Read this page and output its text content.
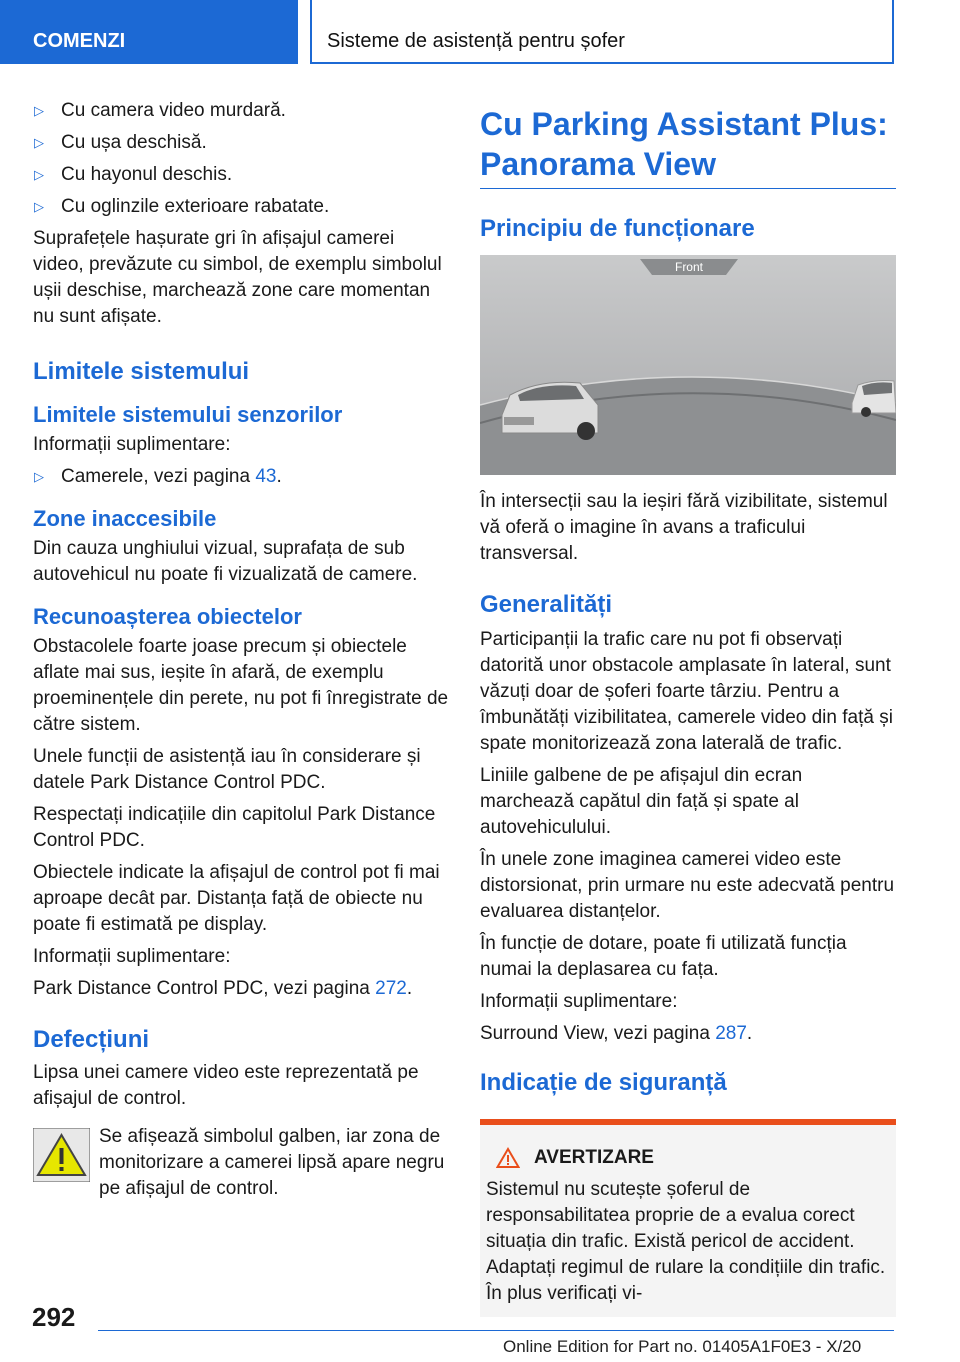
COMENZI	Sisteme de asistență pentru șofer
▷ Cu camera video murdară.
▷ Cu ușa deschisă.
▷ Cu hayonul deschis.
▷ Cu oglinzile exterioare rabatate.

Suprafețele hașurate gri în afișajul camerei video, prevăzute cu simbol, de exemplu simbolul ușii deschise, marchează zone care momentan nu sunt afișate.

Limitele sistemului
Limitele sistemului senzorilor

Informații suplimentare:

▷ Camerele, vezi pagina 43.
Zone inaccesibile

Din cauza unghiului vizual, suprafața de sub autovehicul nu poate fi vizualizată de camere.

Recunoașterea obiectelor

Obstacolele foarte joase precum și obiectele aflate mai sus, ieșite în afară, de exemplu proeminențele din perete, nu pot fi înregistrate de către sistem.

Unele funcții de asistență iau în considerare și datele Park Distance Control PDC.

Respectați indicațiile din capitolul Park Distance Control PDC.

Obiectele indicate la afișajul de control pot fi mai aproape decât par. Distanța față de obiecte nu poate fi estimată pe display.

Informații suplimentare:

Park Distance Control PDC, vezi pagina 272.

Defecțiuni

Lipsa unei camere video este reprezentată pe afișajul de control.

Se afișează simbolul galben, iar zona de monitorizare a camerei lipsă apare negru pe afișajul de control.
Cu Parking Assistant Plus:
Panorama View
Principiu de funcționare
Front

În intersecții sau la ieșiri fără vizibilitate, sistemul vă oferă o imagine în avans a traficului transversal.

Generalități

Participanții la trafic care nu pot fi observați datorită unor obstacole amplasate în lateral, sunt văzuți doar de șoferi foarte târziu. Pentru a îmbunătăți vizibilitatea, camerele video din față și spate monitorizează zona laterală de trafic.

Liniile galbene de pe afișajul din ecran marchează capătul din față și spate al autovehiculului.

În unele zone imaginea camerei video este distorsionat, prin urmare nu este adecvată pentru evaluarea distanțelor.

În funcție de dotare, poate fi utilizată funcția numai la deplasarea cu fața.

Informații suplimentare:

Surround View, vezi pagina 287.

Indicație de siguranță
AVERTIZARE

Sistemul nu scutește șoferul de responsabilitatea proprie de a evalua corect situația din trafic. Există pericol de accident. Adaptați regimul de rulare la condițiile din trafic. În plus verificați vi-

292
Online Edition for Part no. 01405A1F0E3 - X/20
